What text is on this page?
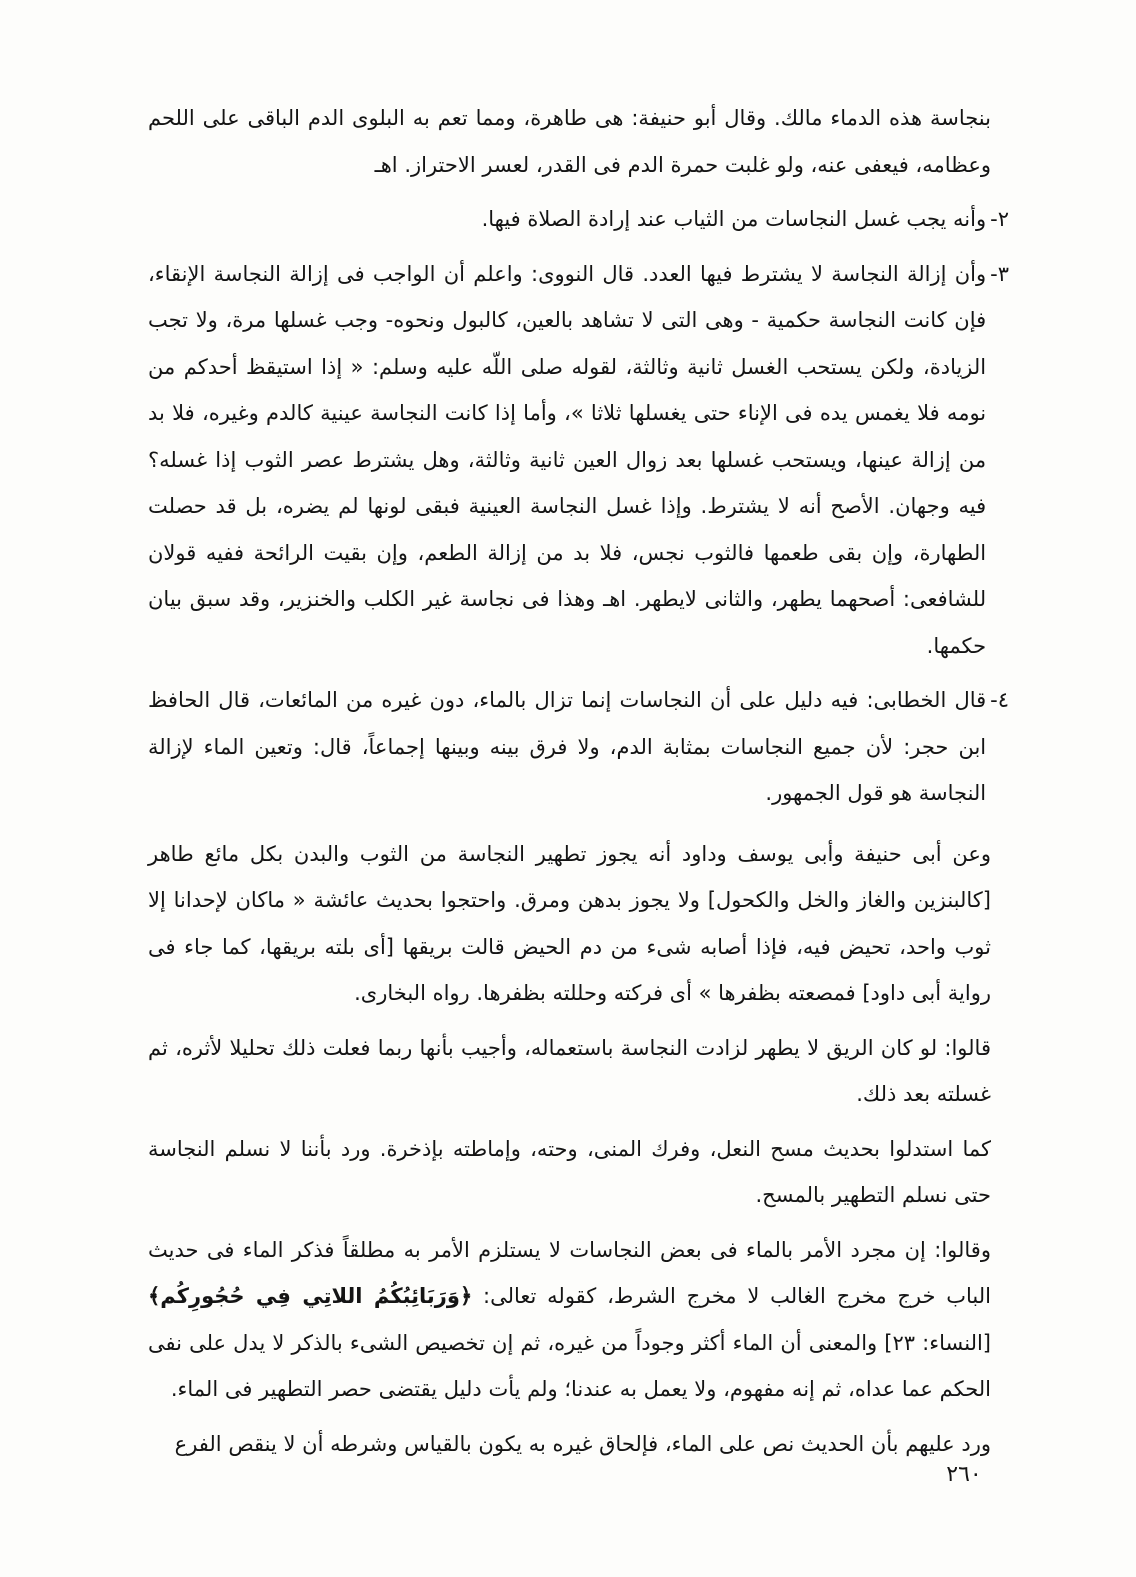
بنجاسة هذه الدماء مالك. وقال أبو حنيفة: هى طاهرة، ومما تعم به البلوى الدم الباقى على اللحم وعظامه، فيعفى عنه، ولو غلبت حمرة الدم فى القدر، لعسر الاحتراز. اهـ

٢-
وأنه يجب غسل النجاسات من الثياب عند إرادة الصلاة فيها.
٣-
وأن إزالة النجاسة لا يشترط فيها العدد. قال النووى: واعلم أن الواجب فى إزالة النجاسة الإنقاء، فإن كانت النجاسة حكمية - وهى التى لا تشاهد بالعين، كالبول ونحوه- وجب غسلها مرة، ولا تجب الزيادة، ولكن يستحب الغسل ثانية وثالثة، لقوله صلى اللّه عليه وسلم: « إذا استيقظ أحدكم من نومه فلا يغمس يده فى الإناء حتى يغسلها ثلاثا »، وأما إذا كانت النجاسة عينية كالدم وغيره، فلا بد من إزالة عينها، ويستحب غسلها بعد زوال العين ثانية وثالثة، وهل يشترط عصر الثوب إذا غسله؟ فيه وجهان. الأصح أنه لا يشترط. وإذا غسل النجاسة العينية فبقى لونها لم يضره، بل قد حصلت الطهارة، وإن بقى طعمها فالثوب نجس، فلا بد من إزالة الطعم، وإن بقيت الرائحة ففيه قولان للشافعى: أصحهما يطهر، والثانى لايطهر. اهـ وهذا فى نجاسة غير الكلب والخنزير، وقد سبق بيان حكمها.
٤-
قال الخطابى: فيه دليل على أن النجاسات إنما تزال بالماء، دون غيره من المائعات، قال الحافظ ابن حجر: لأن جميع النجاسات بمثابة الدم، ولا فرق بينه وبينها إجماعاً، قال: وتعين الماء لإزالة النجاسة هو قول الجمهور.

وعن أبى حنيفة وأبى يوسف وداود أنه يجوز تطهير النجاسة من الثوب والبدن بكل مائع طاهر [كالبنزين والغاز والخل والكحول] ولا يجوز بدهن ومرق. واحتجوا بحديث عائشة « ماكان لإحدانا إلا ثوب واحد، تحيض فيه، فإذا أصابه شىء من دم الحيض قالت بريقها [أى بلته بريقها، كما جاء فى رواية أبى داود] فمصعته بظفرها » أى فركته وحللته بظفرها. رواه البخارى.

قالوا: لو كان الريق لا يطهر لزادت النجاسة باستعماله، وأجيب بأنها ربما فعلت ذلك تحليلا لأثره، ثم غسلته بعد ذلك.

كما استدلوا بحديث مسح النعل، وفرك المنى، وحته، وإماطته بإذخرة. ورد بأننا لا نسلم النجاسة حتى نسلم التطهير بالمسح.

وقالوا: إن مجرد الأمر بالماء فى بعض النجاسات لا يستلزم الأمر به مطلقاً فذكر الماء فى حديث الباب خرج مخرج الغالب لا مخرج الشرط، كقوله تعالى: ﴿وَرَبَائِبُكُمُ اللاتِي فِي حُجُورِكُم﴾ [النساء: ٢٣] والمعنى أن الماء أكثر وجوداً من غيره، ثم إن تخصيص الشىء بالذكر لا يدل على نفى الحكم عما عداه، ثم إنه مفهوم، ولا يعمل به عندنا؛ ولم يأت دليل يقتضى حصر التطهير فى الماء.

ورد عليهم بأن الحديث نص على الماء، فإلحاق غيره به يكون بالقياس وشرطه أن لا ينقص الفرع

٢٦٠
